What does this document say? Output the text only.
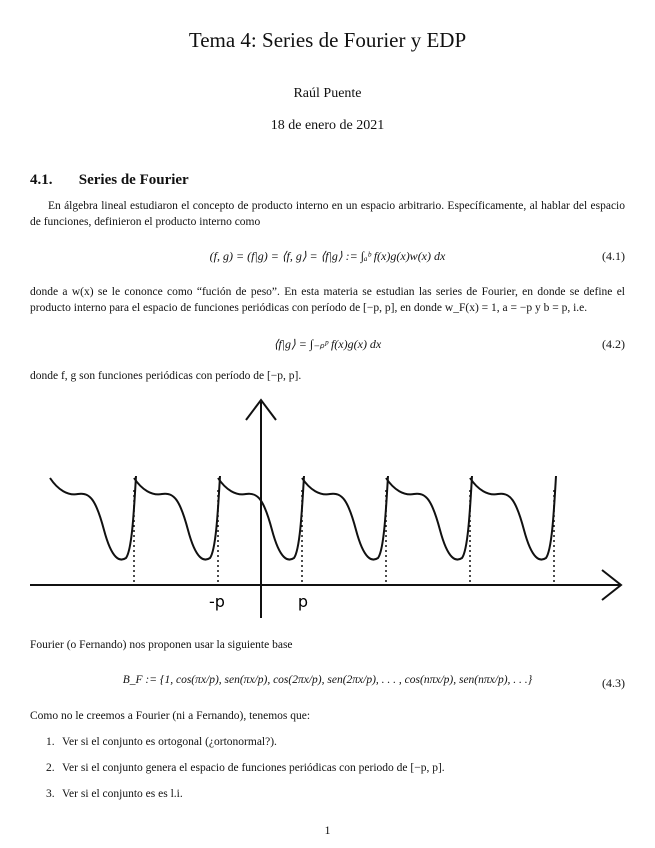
Tema 4: Series de Fourier y EDP
Raúl Puente
18 de enero de 2021
4.1. Series de Fourier
En álgebra lineal estudiaron el concepto de producto interno en un espacio arbitrario. Específicamente, al hablar del espacio de funciones, definieron el producto interno como
(f, g) = (f|g) = ⟨f, g⟩ = ⟨f|g⟩ := ∫ₐᵇ f(x)g(x)w(x) dx	(4.1)
donde a w(x) se le cononce como “fución de peso”. En esta materia se estudian las series de Fourier, en donde se define el producto interno para el espacio de funciones periódicas con período de [−p, p], en donde w_F(x) = 1, a = −p y b = p, i.e.
⟨f|g⟩ = ∫₋ₚᵖ f(x)g(x) dx	(4.2)
donde f, g son funciones periódicas con período de [−p, p].
-p	p
Fourier (o Fernando) nos proponen usar la siguiente base
B_F := {1, cos(πx/p), sen(πx/p), cos(2πx/p), sen(2πx/p), . . . , cos(nπx/p), sen(nπx/p), . . .}	(4.3)
Como no le creemos a Fourier (ni a Fernando), tenemos que:
1. Ver si el conjunto es ortogonal (¿ortonormal?).
2. Ver si el conjunto genera el espacio de funciones periódicas con periodo de [−p, p].
3. Ver si el conjunto es es l.i.
1
